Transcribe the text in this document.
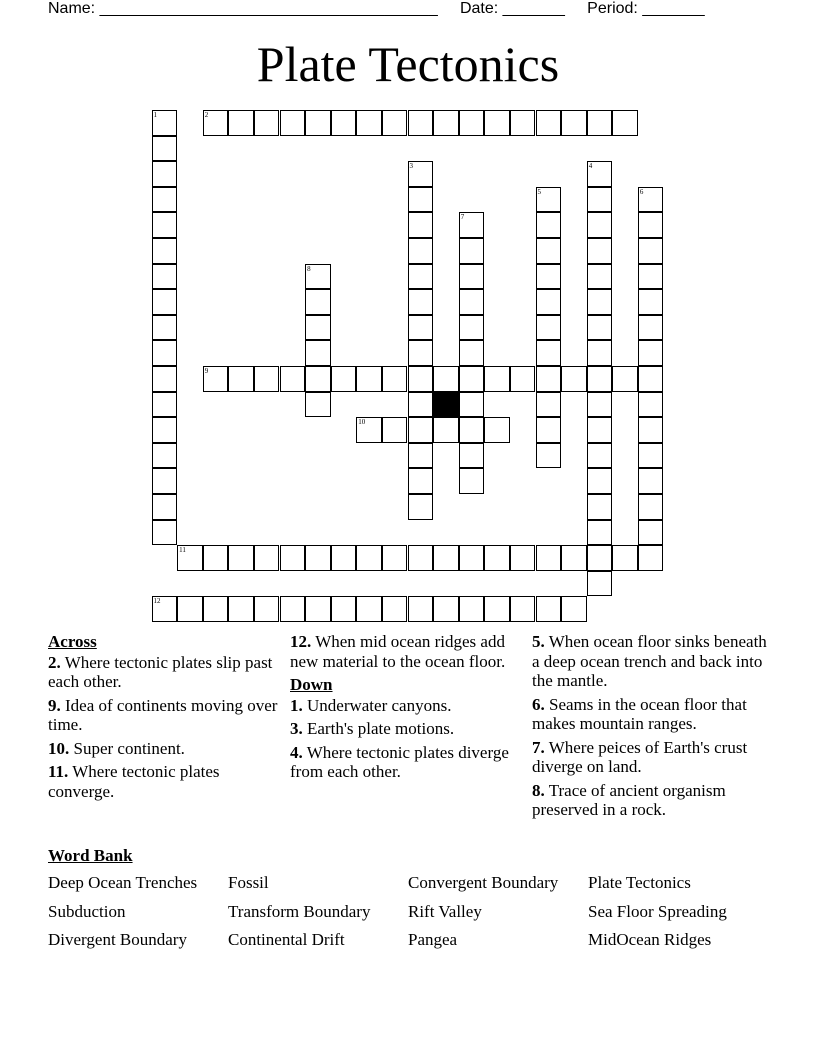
Name: ______________________________________ Date: _______ Period: _______
Plate Tectonics
1	2
3	4
5	6
7
8
9
10
11
12
Across
2. Where tectonic plates slip past each other.
9. Idea of continents moving over time.
10. Super continent.
11. Where tectonic plates converge.
12. When mid ocean ridges add new material to the ocean floor.
Down
1. Underwater canyons.
3. Earth's plate motions.
4. Where tectonic plates diverge from each other.
5. When ocean floor sinks beneath a deep ocean trench and back into the mantle.
6. Seams in the ocean floor that makes mountain ranges.
7. Where peices of Earth's crust diverge on land.
8. Trace of ancient organism preserved in a rock.
Word Bank
Deep Ocean Trenches	Fossil	Convergent Boundary	Plate Tectonics
Subduction	Transform Boundary	Rift Valley	Sea Floor Spreading
Divergent Boundary	Continental Drift	Pangea	MidOcean Ridges
